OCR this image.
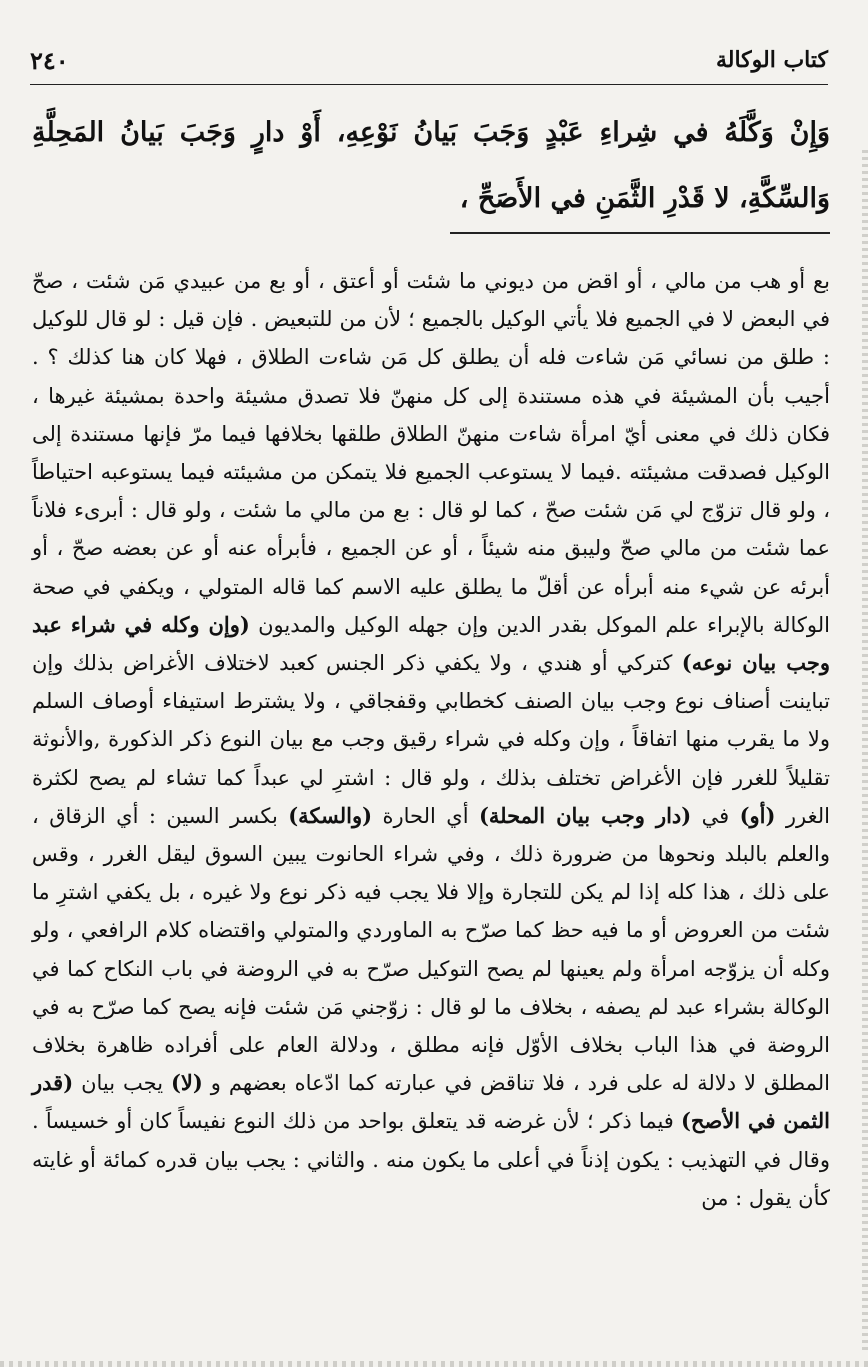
٢٤٠	كتاب الوكالة
وَإِنْ وَكَّلَهُ في شِراءِ عَبْدٍ وَجَبَ بَيانُ نَوْعِهِ، أَوْ دارٍ وَجَبَ بَيانُ المَحِلَّةِ وَالسِّكَّةِ، لا قَدْرِ الثَّمَنِ في الأَصَحِّ ،
بع أو هب من مالي ، أو اقض من ديوني ما شئت أو أعتق ، أو بع من عبيدي مَن شئت ، صحّ في البعض لا في الجميع فلا يأتي الوكيل بالجميع ؛ لأن من للتبعيض . فإن قيل : لو قال للوكيل : طلق من نسائي مَن شاءت فله أن يطلق كل مَن شاءت الطلاق ، فهلا كان هنا كذلك ؟ . أجيب بأن المشيئة في هذه مستندة إلى كل منهنّ فلا تصدق مشيئة واحدة بمشيئة غيرها ، فكان ذلك في معنى أيّ امرأة شاءت منهنّ الطلاق طلقها بخلافها فيما مرّ فإنها مستندة إلى الوكيل فصدقت مشيئته .فيما لا يستوعب الجميع فلا يتمكن من مشيئته فيما يستوعبه احتياطاً ، ولو قال تزوّج لي مَن شئت صحّ ، كما لو قال : بع من مالي ما شئت ، ولو قال : أبرىء فلاناً عما شئت من مالي صحّ وليبق منه شيئاً ، أو عن الجميع ، فأبرأه عنه أو عن بعضه صحّ ، أو أبرئه عن شيء منه أبرأه عن أقلّ ما يطلق عليه الاسم كما قاله المتولي ، ويكفي في صحة الوكالة بالإبراء علم الموكل بقدر الدين وإن جهله الوكيل والمديون (وإن وكله في شراء عبد وجب بيان نوعه) كتركي أو هندي ، ولا يكفي ذكر الجنس كعبد لاختلاف الأغراض بذلك وإن تباينت أصناف نوع وجب بيان الصنف كخطابي وقفجاقي ، ولا يشترط استيفاء أوصاف السلم ولا ما يقرب منها اتفاقاً ، وإن وكله في شراء رقيق وجب مع بيان النوع ذكر الذكورة ,والأنوثة تقليلاً للغرر فإن الأغراض تختلف بذلك ، ولو قال : اشترِ لي عبداً كما تشاء لم يصح لكثرة الغرر (أو) في (دار وجب بيان المحلة) أي الحارة (والسكة) بكسر السين : أي الزقاق ، والعلم بالبلد ونحوها من ضرورة ذلك ، وفي شراء الحانوت يبين السوق ليقل الغرر ، وقس على ذلك ، هذا كله إذا لم يكن للتجارة وإلا فلا يجب فيه ذكر نوع ولا غيره ، بل يكفي اشترِ ما شئت من العروض أو ما فيه حظ كما صرّح به الماوردي والمتولي واقتضاه كلام الرافعي ، ولو وكله أن يزوّجه امرأة ولم يعينها لم يصح التوكيل صرّح به في الروضة في باب النكاح كما في الوكالة بشراء عبد لم يصفه ، بخلاف ما لو قال : زوّجني مَن شئت فإنه يصح كما صرّح به في الروضة في هذا الباب بخلاف الأوّل فإنه مطلق ، ودلالة العام على أفراده ظاهرة بخلاف المطلق لا دلالة له على فرد ، فلا تناقض في عبارته كما ادّعاه بعضهم و (لا) يجب بيان (قدر الثمن في الأصح) فيما ذكر ؛ لأن غرضه قد يتعلق بواحد من ذلك النوع نفيساً كان أو خسيساً . وقال في التهذيب : يكون إذناً في أعلى ما يكون منه . والثاني : يجب بيان قدره كمائة أو غايته كأن يقول : من
